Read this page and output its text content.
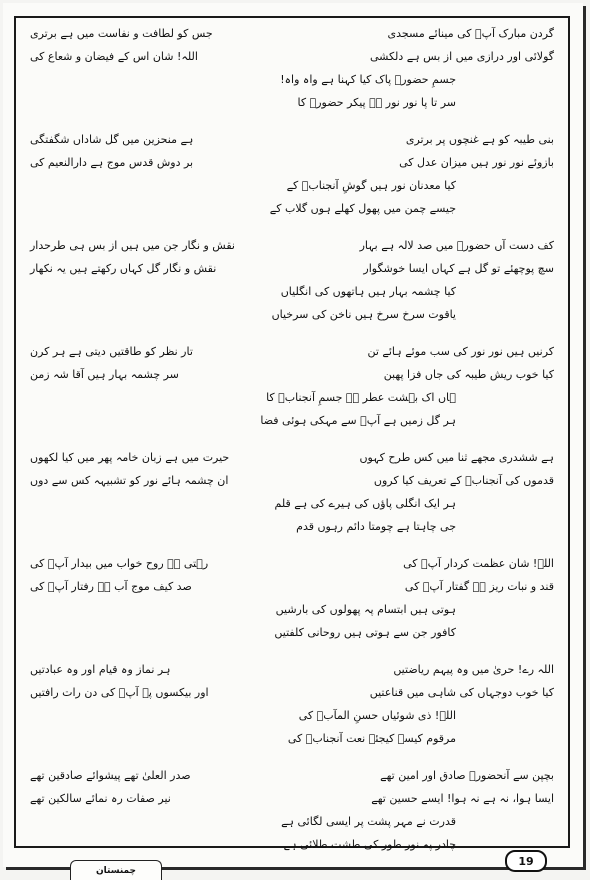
گردن مبارک آپؐ کی مینائے مسجدی
جس کو لطافت و نفاست میں ہے برتری
گولائی اور درازی میں از بس ہے دلکشی
اللہ! شان اس کے فیضان و شعاع کی
جسمِ حضورؐ پاک کیا کہنا ہے واہ واہ!
سر تا پا نور نور ہے پیکر حضورؐ کا
بنی طیبہ کو ہے غنچوں پر برتری
ہے منحزین میں گل شاداں شگفتگی
بازوئے نور نور ہیں میزان عدل کی
بر دوش قدس موج ہے دارالنعیم کی
کیا معدنان نور ہیں گوشِ آنجنابؐ کے
جیسے چمن میں پھول کھلے ہوں گلاب کے
کف دست آں حضورؐ میں صد لالہ ہے بہار
نقش و نگار جن میں ہیں از بس ہی طرحدار
سچ پوچھئے تو گل ہے کہاں ایسا خوشگوار
نقش و نگار گل کہاں رکھتے ہیں یہ نکھار
کیا چشمہ بہار ہیں ہاتھوں کی انگلیاں
یاقوت سرخ سرخ ہیں ناخن کی سرخیاں
کرنیں ہیں نور نور کی سب موئے ہائے تن
تار نظر کو طاقتیں دیتی ہے ہر کرن
کیا خوب ریش طیبہ کی جاں فزا پھبن
سر چشمہ بہار ہیں آقا شہ زمن
ہاں اک بہشت عطر ہے جسمِ آنجنابؐ کا
ہر گل زمیں ہے آپؐ سے مہکی ہوئی فضا
ہے ششدری مجھے ثنا میں کس طرح کہوں
حیرت میں ہے زبان خامہ پھر میں کیا لکھوں
قدموں کی آنجنابؐ کے تعریف کیا کروں
ان چشمہ ہائے نور کو تشبیہہ کس سے دوں
ہر ایک انگلی پاؤں کی ہیرے کی ہے قلم
جی چاہتا ہے چومتا دائم رہوں قدم
اللہ! شان عظمت کردار آپؐ کی
رہتی ہے روح خواب میں بیدار آپؐ کی
قند و نبات ریز ہے گفتار آپؐ کی
صد کیف موج آب ہے رفتار آپؐ کی
ہوتی ہیں ابتسام پہ پھولوں کی بارشیں
کافور جن سے ہوتی ہیں روحانی کلفتیں
اللہ رے! حریٰ میں وہ پیہم ریاضتیں
ہر نماز وہ قیام اور وہ عبادتیں
کیا خوب دوجہاں کی شاہی میں قناعتیں
اور بیکسوں پہ آپؐ کی دن رات رافتیں
اللہ! ذی شوئیاں حسنِ المآبؐ کی
مرقوم کیسے کیجئے نعت آنجنابؐ کی
بچپن سے آنحضورؐ صادق اور امین تھے
صدر العلیٰ تھے پیشوائے صادقین تھے
ایسا ہوا، نہ ہے نہ ہوا! ایسے حسین تھے
نیر صفات رہ نمائے سالکین تھے
قدرت نے مہر پشت پر ایسی لگائی ہے
چادر پہ نور طور کی طشت طلائی ہے
چمنستان
19
